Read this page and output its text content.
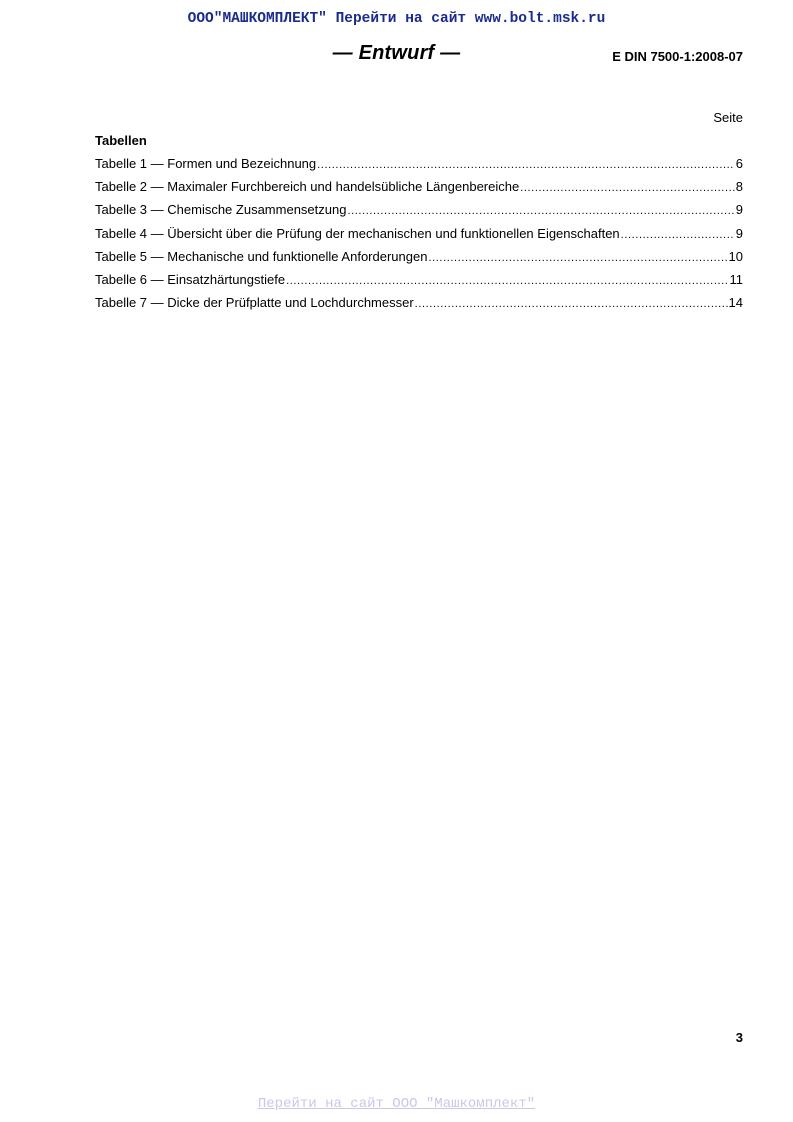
ООО"МАШКОМПЛЕКТ" Перейти на сайт www.bolt.msk.ru
— Entwurf —	E DIN 7500-1:2008-07
Seite
Tabellen
Tabelle 1 — Formen und Bezeichnung .....	6
Tabelle 2 — Maximaler Furchbereich und handelsübliche Längenbereiche .....	8
Tabelle 3 — Chemische Zusammensetzung .....	9
Tabelle 4 — Übersicht über die Prüfung der mechanischen und funktionellen Eigenschaften .....	9
Tabelle 5 — Mechanische und funktionelle Anforderungen .....	10
Tabelle 6 — Einsatzhärtungstiefe .....	11
Tabelle 7 — Dicke der Prüfplatte und Lochdurchmesser .....	14
3
Перейти на сайт ООО "Машкомплект"
